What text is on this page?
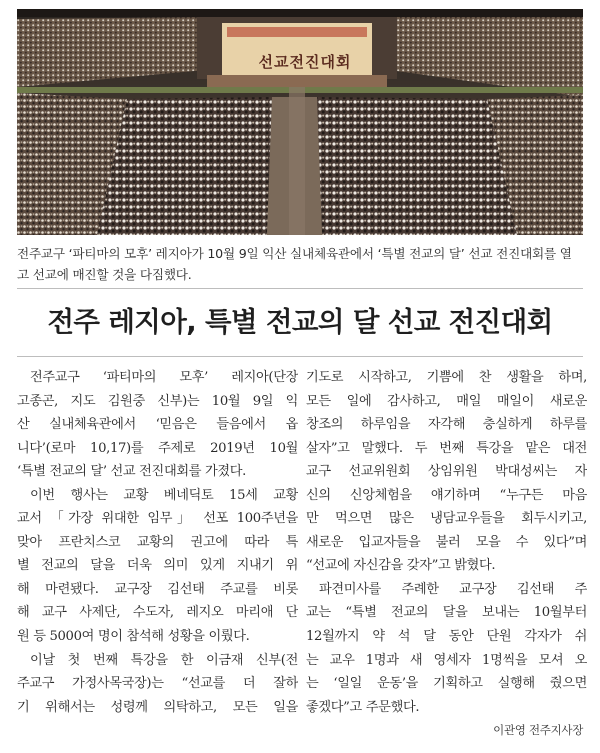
선교전진대회
전주교구 ‘파티마의 모후’ 레지아가 10월 9일 익산 실내체육관에서 ‘특별 전교의 달’ 선교 전진대회를 열
고 선교에 매진할 것을 다짐했다.
전주 레지아, 특별 전교의 달 선교 전진대회
전주교구 ‘파티마의 모후’ 레지아(단장
고종곤, 지도 김원중 신부)는 10월 9일 익
산 실내체육관에서 ‘믿음은 들음에서 옵
니다’(로마 10,17)를 주제로 2019년 10월
‘특별 전교의 달’ 선교 전진대회를 가졌다.
이번 행사는 교황 베네딕토 15세 교황
교서 「가장 위대한 임무」 선포 100주년을
맞아 프란치스코 교황의 권고에 따라 특
별 전교의 달을 더욱 의미 있게 지내기 위
해 마련됐다. 교구장 김선태 주교를 비롯
해 교구 사제단, 수도자, 레지오 마리애 단
원 등 5000여 명이 참석해 성황을 이뤘다.
이날 첫 번째 특강을 한 이금재 신부(전
주교구 가정사목국장)는 “선교를 더 잘하
기 위해서는 성령께 의탁하고, 모든 일을
기도로 시작하고, 기쁨에 찬 생활을 하며,
모든 일에 감사하고, 매일 매일이 새로운
창조의 하루임을 자각해 충실하게 하루를
살자”고 말했다. 두 번째 특강을 맡은 대전
교구 선교위원회 상임위원 박대성씨는 자
신의 신앙체험을 얘기하며 “누구든 마음
만 먹으면 많은 냉담교우들을 회두시키고,
새로운 입교자들을 불러 모을 수 있다”며
“선교에 자신감을 갖자”고 밝혔다.
파견미사를 주례한 교구장 김선태 주
교는 “특별 전교의 달을 보내는 10월부터
12월까지 약 석 달 동안 단원 각자가 쉬
는 교우 1명과 새 영세자 1명씩을 모셔 오
는 ‘일일 운동’을 기획하고 실행해 줬으면
좋겠다”고 주문했다.
이관영 전주지사장
